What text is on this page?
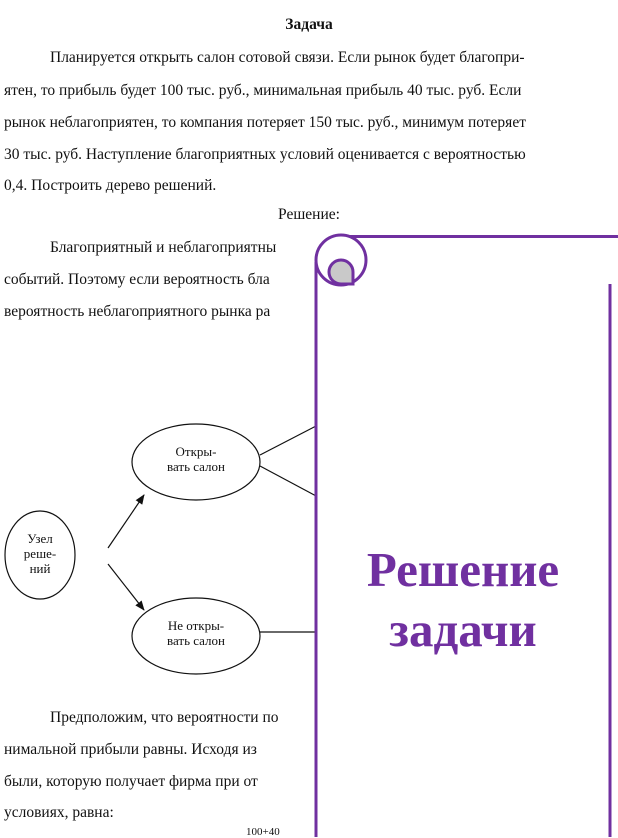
Задача
Планируется открыть салон сотовой связи. Если рынок будет благопри-
ятен, то прибыль будет 100 тыс. руб., минимальная прибыль 40 тыс. руб. Если
рынок неблагоприятен, то компания потеряет 150 тыс. руб., минимум потеряет
30 тыс. руб. Наступление благоприятных условий оценивается с вероятностью
0,4. Построить дерево решений.
Решение:
Благоприятный и неблагоприятны
событий. Поэтому если вероятность бла
вероятность неблагоприятного рынка ра
Узел
реше-
ний
Откры-
вать салон
Не откры-
вать салон
Предположим, что вероятности по
нимальной прибыли равны. Исходя из
были, которую получает фирма при от
условиях, равна:
100+40
Решение
задачи
